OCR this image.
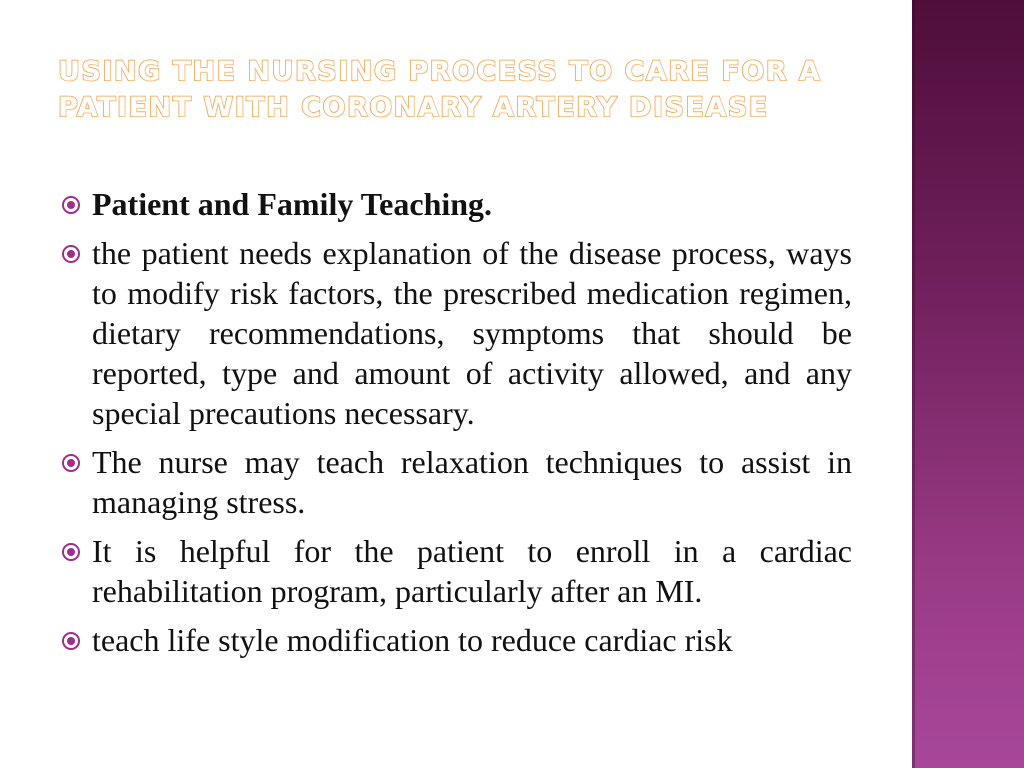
USING THE NURSING PROCESS TO CARE FOR A
PATIENT WITH CORONARY ARTERY DISEASE
Patient and Family Teaching.
the patient needs explanation of the disease process, ways to modify risk factors, the prescribed medication regimen, dietary recommendations, symptoms that should be reported, type and amount of activity allowed, and any special precautions necessary.
The nurse may teach relaxation techniques to assist in managing stress.
It is helpful for the patient to enroll in a cardiac rehabilitation program, particularly after an MI.
teach life style modification to reduce cardiac risk
